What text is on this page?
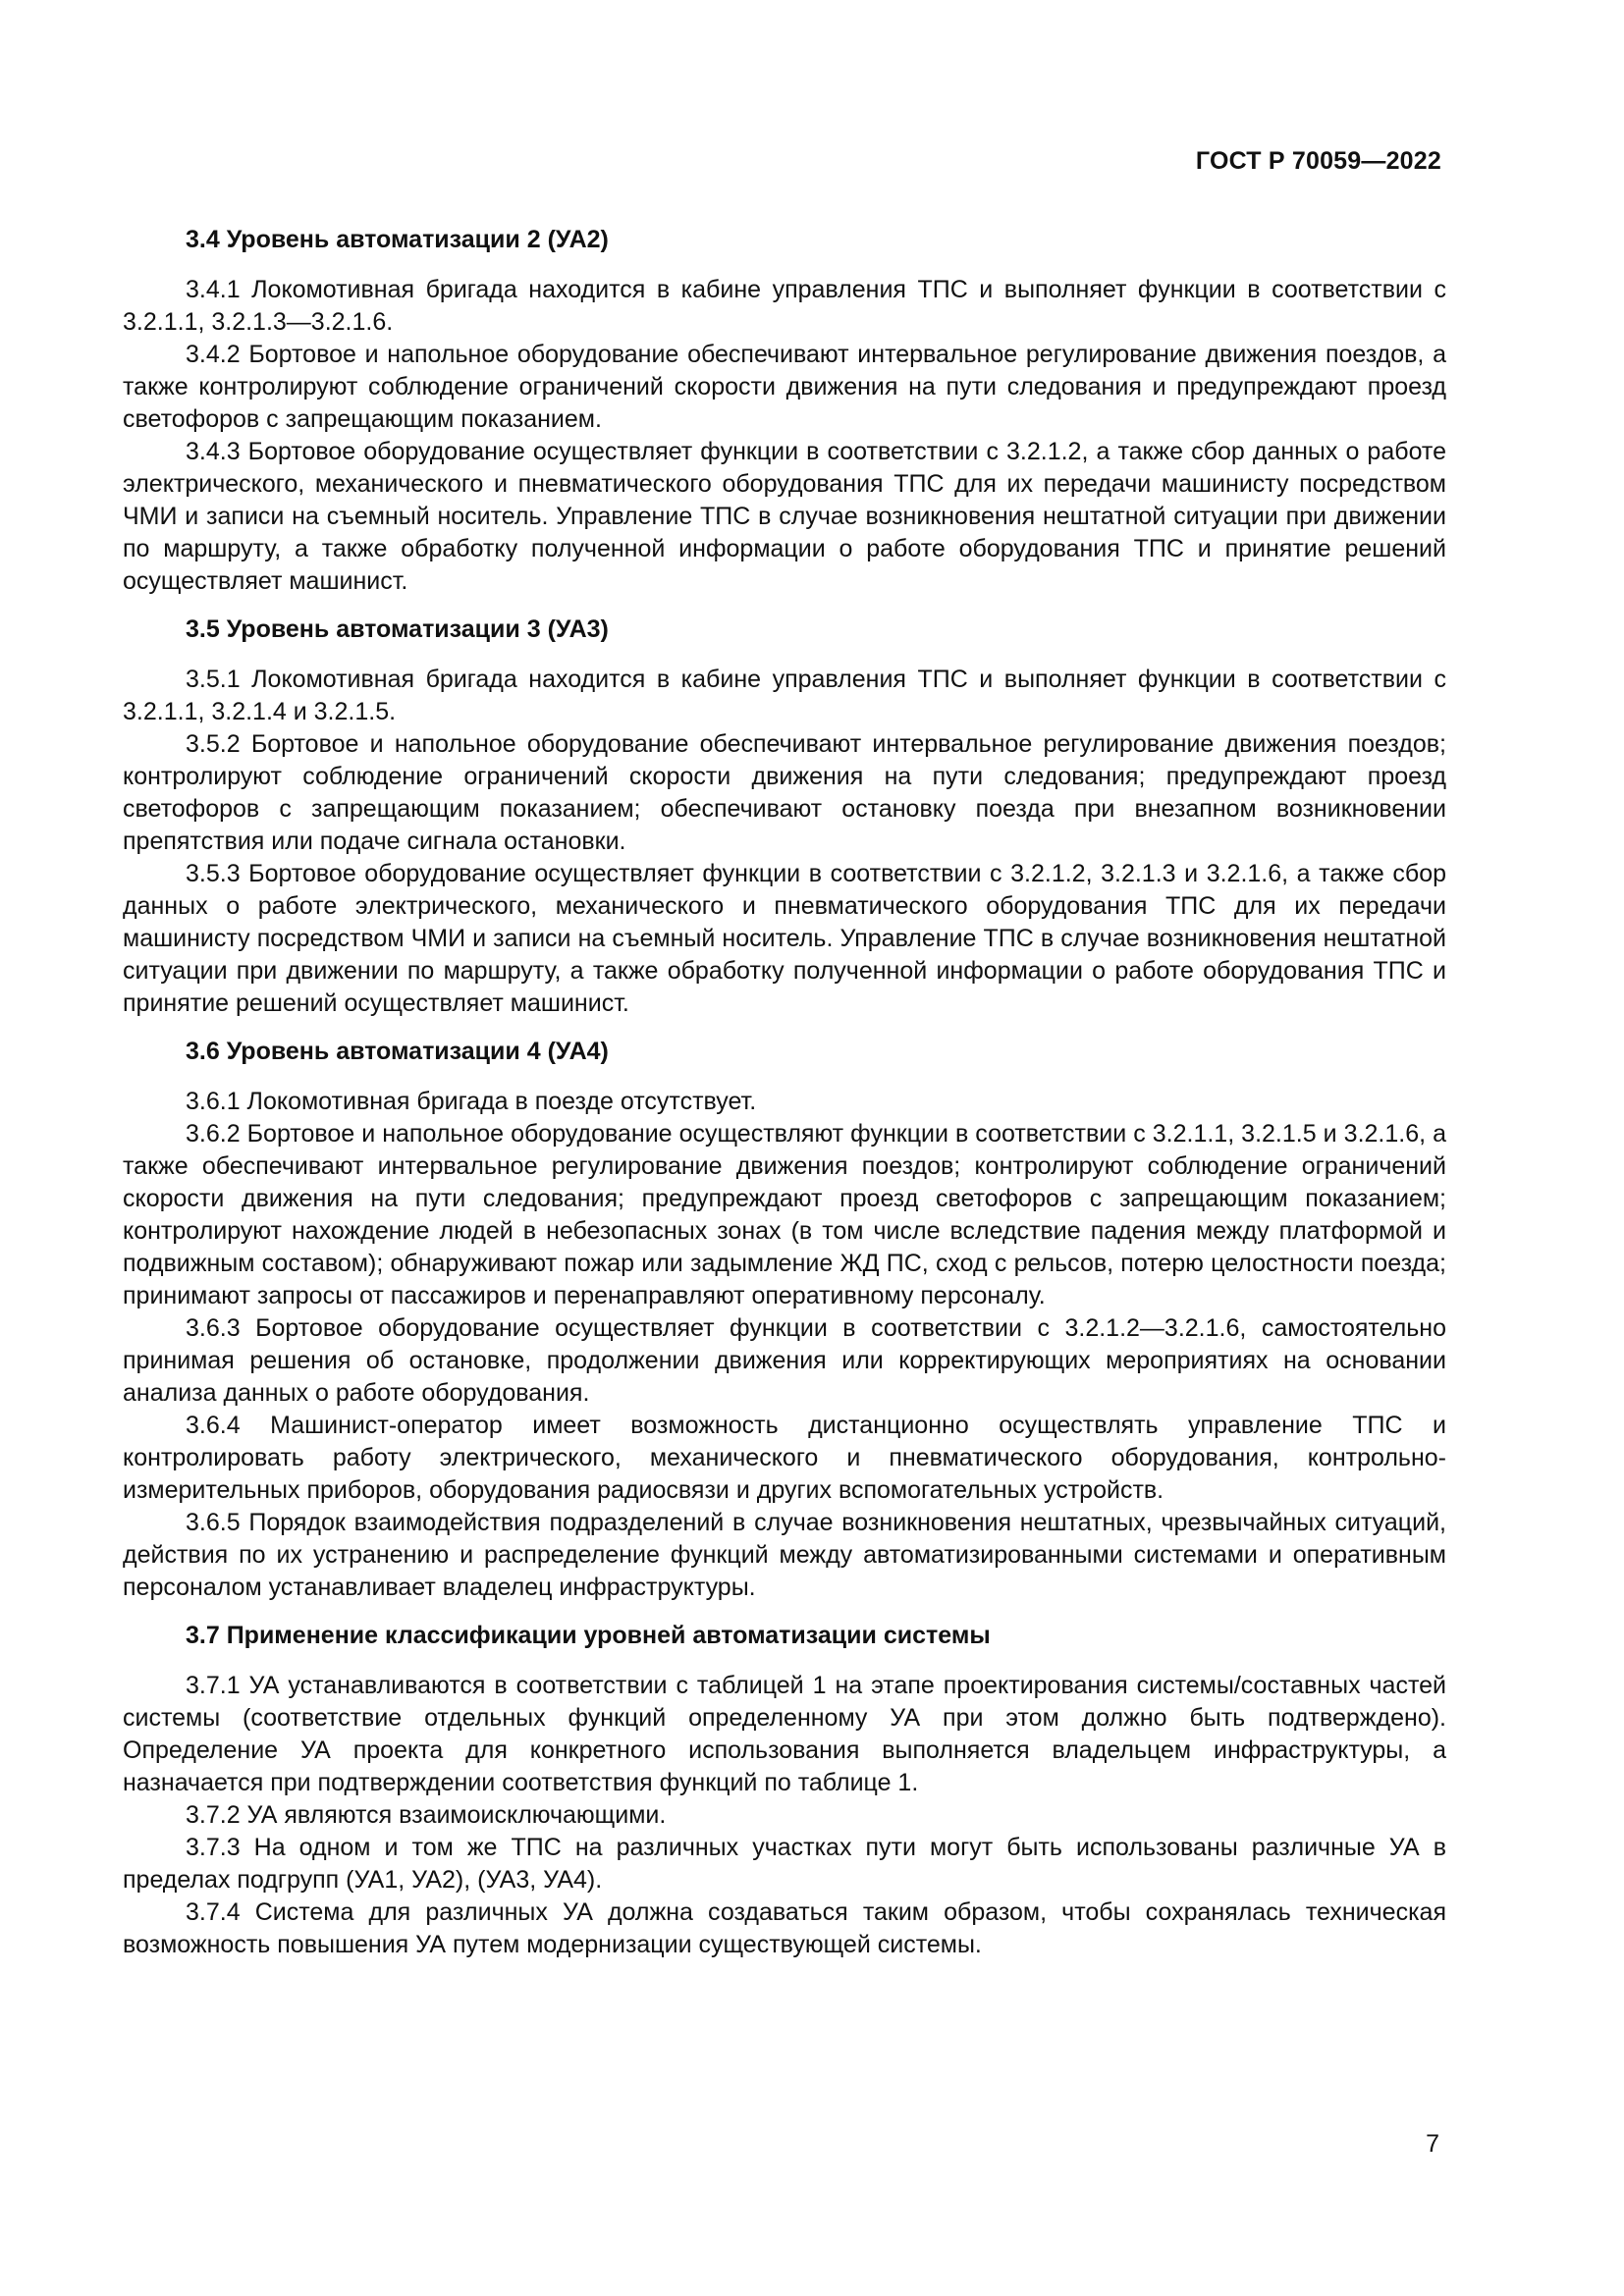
ГОСТ Р 70059—2022
3.4 Уровень автоматизации 2 (УА2)

3.4.1 Локомотивная бригада находится в кабине управления ТПС и выполняет функции в соответствии с 3.2.1.1, 3.2.1.3—3.2.1.6.

3.4.2 Бортовое и напольное оборудование обеспечивают интервальное регулирование движения поездов, а также контролируют соблюдение ограничений скорости движения на пути следования и предупреждают проезд светофоров с запрещающим показанием.

3.4.3 Бортовое оборудование осуществляет функции в соответствии с 3.2.1.2, а также сбор данных о работе электрического, механического и пневматического оборудования ТПС для их передачи машинисту посредством ЧМИ и записи на съемный носитель. Управление ТПС в случае возникновения нештатной ситуации при движении по маршруту, а также обработку полученной информации о работе оборудования ТПС и принятие решений осуществляет машинист.

3.5 Уровень автоматизации 3 (УА3)

3.5.1 Локомотивная бригада находится в кабине управления ТПС и выполняет функции в соответствии с 3.2.1.1, 3.2.1.4 и 3.2.1.5.

3.5.2 Бортовое и напольное оборудование обеспечивают интервальное регулирование движения поездов; контролируют соблюдение ограничений скорости движения на пути следования; предупреждают проезд светофоров с запрещающим показанием; обеспечивают остановку поезда при внезапном возникновении препятствия или подаче сигнала остановки.

3.5.3 Бортовое оборудование осуществляет функции в соответствии с 3.2.1.2, 3.2.1.3 и 3.2.1.6, а также сбор данных о работе электрического, механического и пневматического оборудования ТПС для их передачи машинисту посредством ЧМИ и записи на съемный носитель. Управление ТПС в случае возникновения нештатной ситуации при движении по маршруту, а также обработку полученной информации о работе оборудования ТПС и принятие решений осуществляет машинист.

3.6 Уровень автоматизации 4 (УА4)

3.6.1 Локомотивная бригада в поезде отсутствует.

3.6.2 Бортовое и напольное оборудование осуществляют функции в соответствии с 3.2.1.1, 3.2.1.5 и 3.2.1.6, а также обеспечивают интервальное регулирование движения поездов; контролируют соблюдение ограничений скорости движения на пути следования; предупреждают проезд светофоров с запрещающим показанием; контролируют нахождение людей в небезопасных зонах (в том числе вследствие падения между платформой и подвижным составом); обнаруживают пожар или задымление ЖД ПС, сход с рельсов, потерю целостности поезда; принимают запросы от пассажиров и перенаправляют оперативному персоналу.

3.6.3 Бортовое оборудование осуществляет функции в соответствии с 3.2.1.2—3.2.1.6, самостоятельно принимая решения об остановке, продолжении движения или корректирующих мероприятиях на основании анализа данных о работе оборудования.

3.6.4 Машинист-оператор имеет возможность дистанционно осуществлять управление ТПС и контролировать работу электрического, механического и пневматического оборудования, контрольно-измерительных приборов, оборудования радиосвязи и других вспомогательных устройств.

3.6.5 Порядок взаимодействия подразделений в случае возникновения нештатных, чрезвычайных ситуаций, действия по их устранению и распределение функций между автоматизированными системами и оперативным персоналом устанавливает владелец инфраструктуры.

3.7 Применение классификации уровней автоматизации системы

3.7.1 УА устанавливаются в соответствии с таблицей 1 на этапе проектирования системы/составных частей системы (соответствие отдельных функций определенному УА при этом должно быть подтверждено). Определение УА проекта для конкретного использования выполняется владельцем инфраструктуры, а назначается при подтверждении соответствия функций по таблице 1.

3.7.2 УА являются взаимоисключающими.

3.7.3 На одном и том же ТПС на различных участках пути могут быть использованы различные УА в пределах подгрупп (УА1, УА2), (УА3, УА4).

3.7.4 Система для различных УА должна создаваться таким образом, чтобы сохранялась техническая возможность повышения УА путем модернизации существующей системы.

7
